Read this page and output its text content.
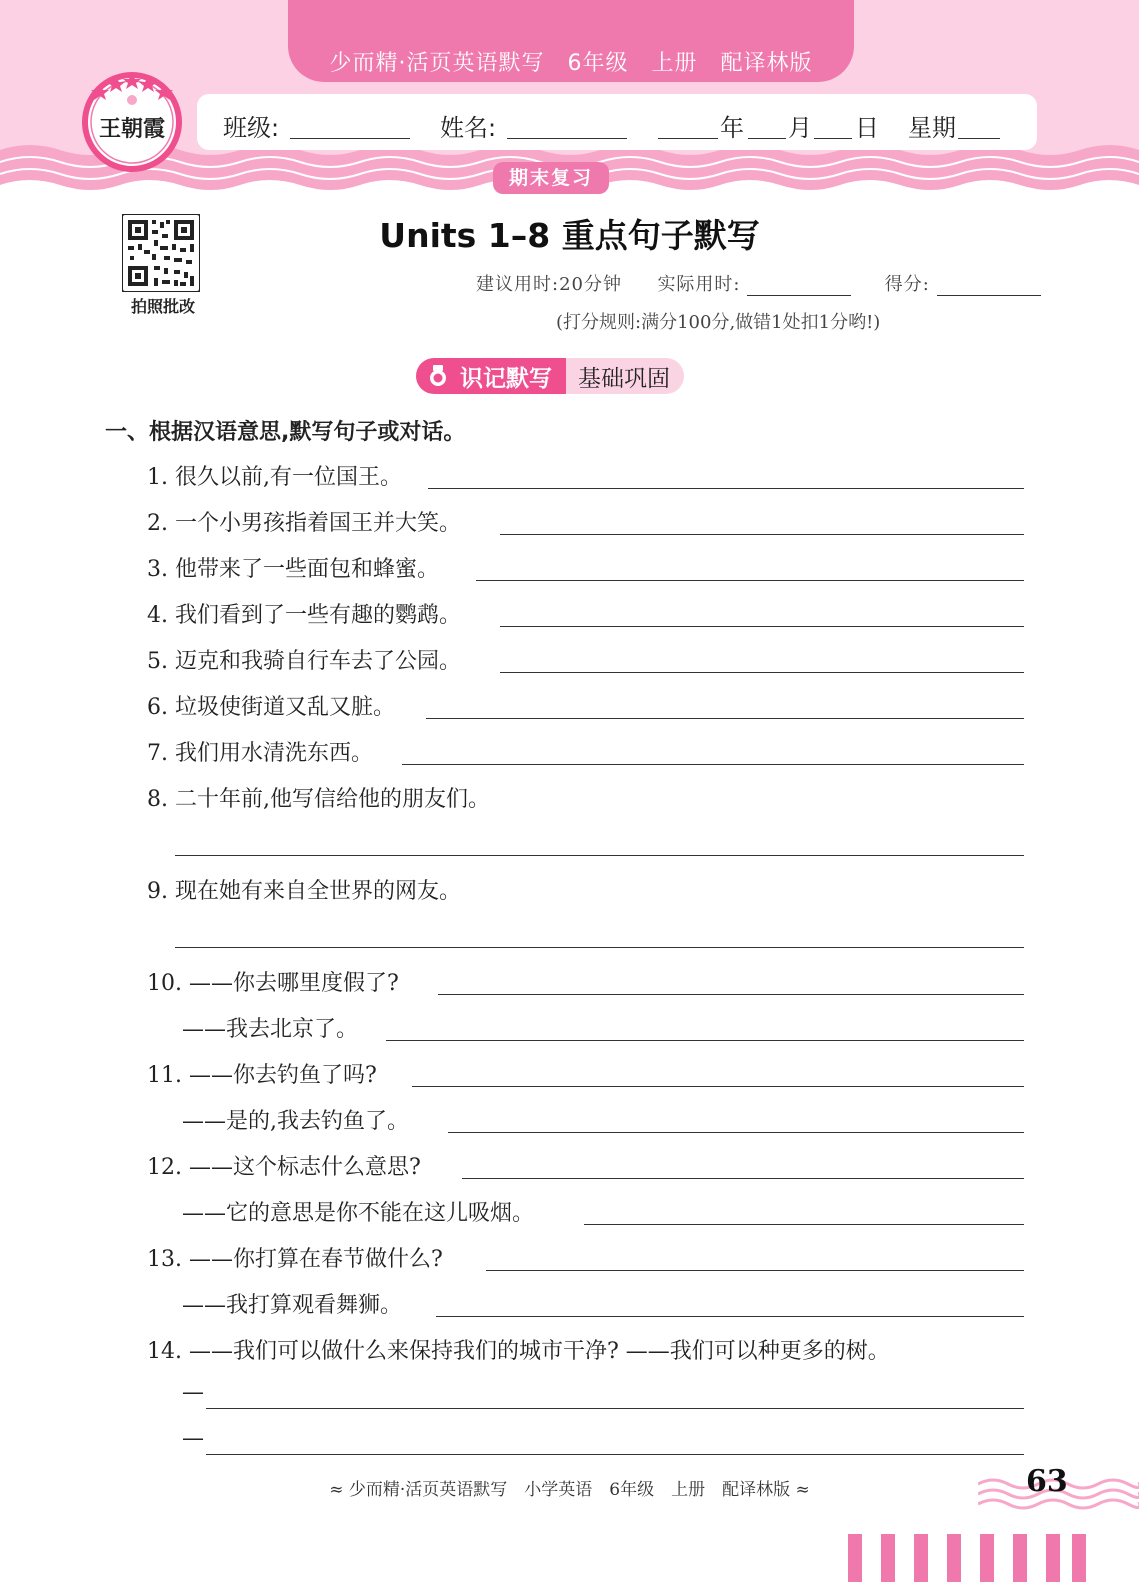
少而精·活页英语默写　6年级　上册　配译林版
班级:	姓名:	年 月 日 星期
王朝霞
期末复习
拍照批改
Units 1–8 重点句子默写
建议用时:20分钟 实际用时:	得分:
(打分规则:满分100分,做错1处扣1分哟!)
识记默写	基础巩固
一、根据汉语意思,默写句子或对话。
1. 很久以前,有一位国王。
2. 一个小男孩指着国王并大笑。
3. 他带来了一些面包和蜂蜜。
4. 我们看到了一些有趣的鹦鹉。
5. 迈克和我骑自行车去了公园。
6. 垃圾使街道又乱又脏。
7. 我们用水清洗东西。
8. 二十年前,他写信给他的朋友们。
9. 现在她有来自全世界的网友。
10. ——你去哪里度假了?
——我去北京了。
11. ——你去钓鱼了吗?
——是的,我去钓鱼了。
12. ——这个标志什么意思?
——它的意思是你不能在这儿吸烟。
13. ——你打算在春节做什么?
——我打算观看舞狮。
14. ——我们可以做什么来保持我们的城市干净? ——我们可以种更多的树。
—
—
≈ 少而精·活页英语默写　小学英语　6年级　上册　配译林版 ≈	63
